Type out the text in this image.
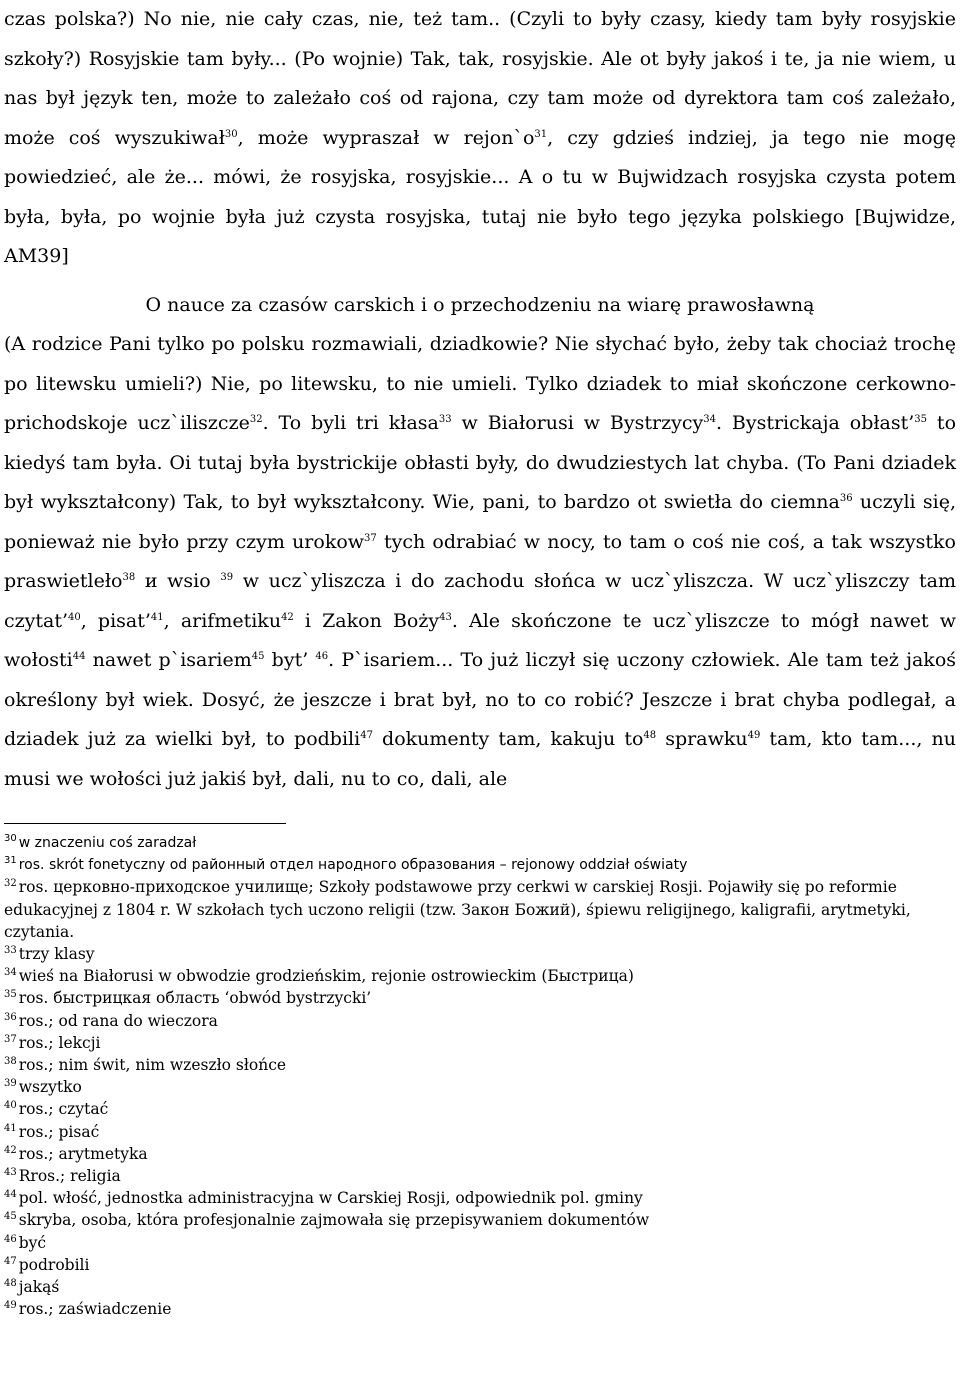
czas polska?) No nie, nie cały czas, nie, też tam.. (Czyli to były czasy, kiedy tam były rosyjskie szkoły?) Rosyjskie tam były... (Po wojnie) Tak, tak, rosyjskie. Ale ot były jakoś i te, ja nie wiem, u nas był język ten, może to zależało coś od rajona, czy tam może od dyrektora tam coś zależało, może coś wyszukiwał$^{30}$, może wypraszał w $rejon`o^{31}$, czy gdzieś indziej, ja tego nie mogę powiedzieć, ale że... mówi, że rosyjska, rosyjskie... A o tu w Bujwidzach rosyjska czysta potem była, była, po wojnie była już czysta rosyjska, tutaj nie było tego języka polskiego [Bujwidze, AM39]

O nauce za czasów carskich i o przechodzeniu na wiarę prawosławną

(A rodzice Pani tylko po polsku rozmawiali, dziadkowie? Nie słychać było, żeby tak chociaż trochę po litewsku umieli?) Nie, po litewsku, to nie umieli. Tylko dziadek to miał skończone cerkowno-prichodskoje ucz`iliszcze$^{32}$. To byli tri kłasa$^{33}$ w Białorusi w Bystrzycy$^{34}$. Bystrickaja obłast’$^{35}$ to kiedyś tam była. Oi tutaj była bystrickije obłasti były, do dwudziestych lat chyba. (To Pani dziadek był wykształcony) Tak, to był wykształcony. Wie, pani, to bardzo ot swietła do ciemna$^{36}$ uczyli się, ponieważ nie było przy czym urokow$^{37}$ tych odrabiać w nocy, to tam o coś nie coś, a tak wszystko praswietleło$^{38}$ и wsio $^{39}$ w ucz`yliszcza i do zachodu słońca w ucz`yliszcza. W ucz`yliszczy tam czytat’$^{40}$, pisat’$^{41}$, arifmetiku$^{42}$ i Zakon Boży$^{43}$. Ale skończone te ucz`yliszcze to mógł nawet w wołosti$^{44}$ nawet p`isariem$^{45}$ byt’ $^{46}$. P`isariem... To już liczył się uczony człowiek. Ale tam też jakoś określony był wiek. Dosyć, że jeszcze i brat był, no to co robić? Jeszcze i brat chyba podlegał, a dziadek już za wielki był, to podbili$^{47}$ dokumenty tam, kakuju $to^{48}$ sprawku$^{49}$ tam, kto tam..., nu musi we wołości już jakiś był, dali, nu to co, dali, ale

$^{30}$ w znaczeniu coś zaradzał

$^{31}$ ros. skrót fonetyczny od районный отдел народного образования – rejonowy oddział oświaty

$^{32}$ ros. церковно-приходское училище; Szkoły podstawowe przy cerkwi w carskiej Rosji. Pojawiły się po reformie edukacyjnej z 1804 r. W szkołach tych uczono religii (tzw. Закон Божий), śpiewu religijnego, kaligrafii, arytmetyki, czytania.

$^{33}$ trzy klasy

$^{34}$ wieś na Białorusi w obwodzie grodzieńskim, rejonie ostrowieckim (Быстрица)

$^{35}$ ros. быстрицкая область ‘obwód bystrzycki’

$^{36}$ ros.; od rana do wieczora

$^{37}$ ros.; lekcji

$^{38}$ ros.; nim świt, nim wzeszło słońce

$^{39}$ wszytko

$^{40}$ ros.; czytać

$^{41}$ ros.; pisać

$^{42}$ ros.; arytmetyka

$^{43}$ Rros.; religia

$^{44}$ pol. włość, jednostka administracyjna w Carskiej Rosji, odpowiednik pol. gminy

$^{45}$ skryba, osoba, która profesjonalnie zajmowała się przepisywaniem dokumentów

$^{46}$ być

$^{47}$ podrobili

$^{48}$ jakąś

$^{49}$ ros.; zaświadczenie
